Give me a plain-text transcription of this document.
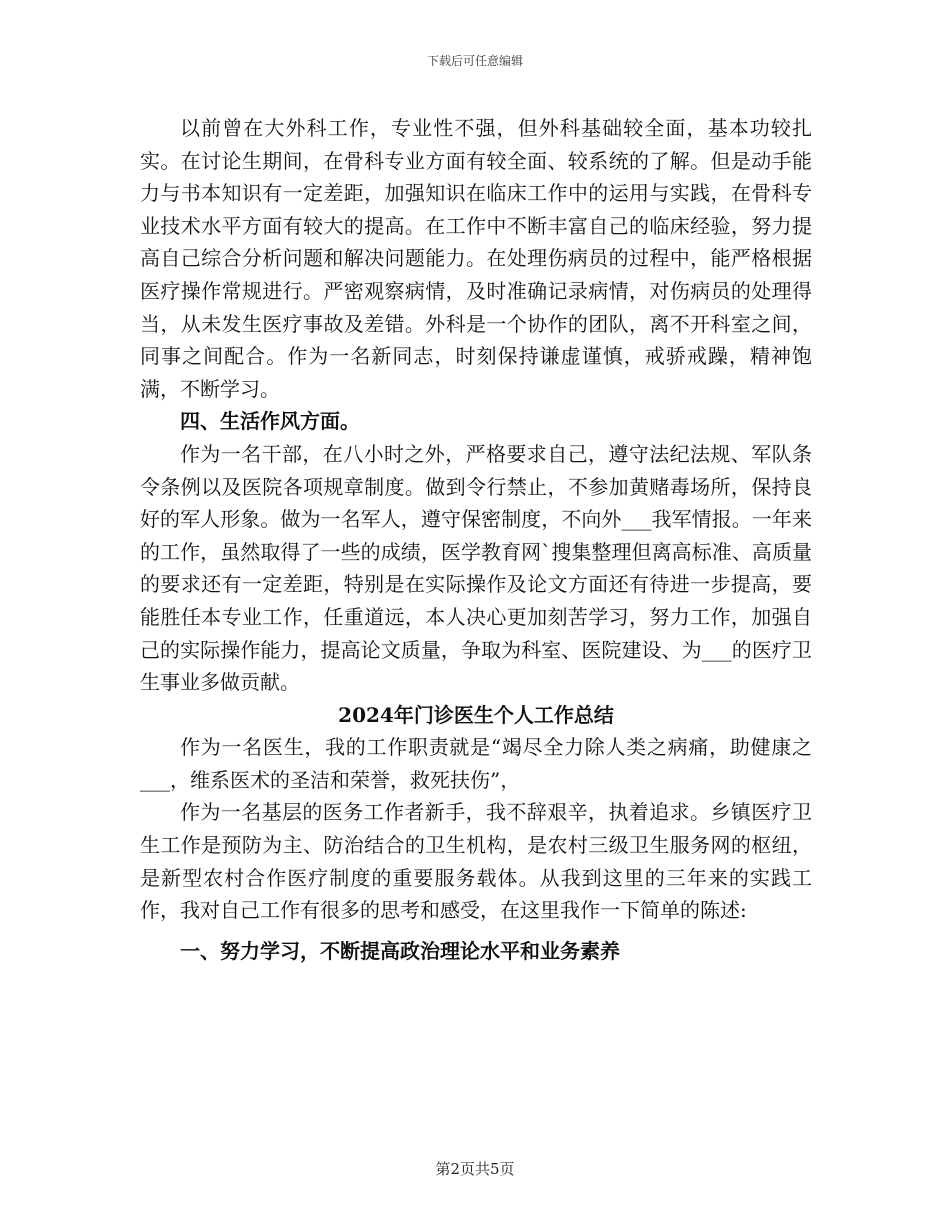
下载后可任意编辑

以前曾在大外科工作，专业性不强，但外科基础较全面，基本功较扎实。在讨论生期间，在骨科专业方面有较全面、较系统的了解。但是动手能力与书本知识有一定差距，加强知识在临床工作中的运用与实践，在骨科专业技术水平方面有较大的提高。在工作中不断丰富自己的临床经验，努力提高自己综合分析问题和解决问题能力。在处理伤病员的过程中，能严格根据医疗操作常规进行。严密观察病情，及时准确记录病情，对伤病员的处理得当，从未发生医疗事故及差错。外科是一个协作的团队，离不开科室之间，同事之间配合。作为一名新同志，时刻保持谦虚谨慎，戒骄戒躁，精神饱满，不断学习。

四、生活作风方面。

作为一名干部，在八小时之外，严格要求自己，遵守法纪法规、军队条令条例以及医院各项规章制度。做到令行禁止，不参加黄赌毒场所，保持良好的军人形象。做为一名军人，遵守保密制度，不向外___我军情报。一年来的工作，虽然取得了一些的成绩，医学教育网`搜集整理但离高标准、高质量的要求还有一定差距，特别是在实际操作及论文方面还有待进一步提高，要能胜任本专业工作，任重道远，本人决心更加刻苦学习，努力工作，加强自己的实际操作能力，提高论文质量，争取为科室、医院建设、为___的医疗卫生事业多做贡献。

2024年门诊医生个人工作总结

作为一名医生，我的工作职责就是“竭尽全力除人类之病痛，助健康之___，维系医术的圣洁和荣誉，救死扶伤”，

作为一名基层的医务工作者新手，我不辞艰辛，执着追求。乡镇医疗卫生工作是预防为主、防治结合的卫生机构，是农村三级卫生服务网的枢纽，是新型农村合作医疗制度的重要服务载体。从我到这里的三年来的实践工作，我对自己工作有很多的思考和感受，在这里我作一下简单的陈述:

一、努力学习，不断提高政治理论水平和业务素养

第2页共5页
